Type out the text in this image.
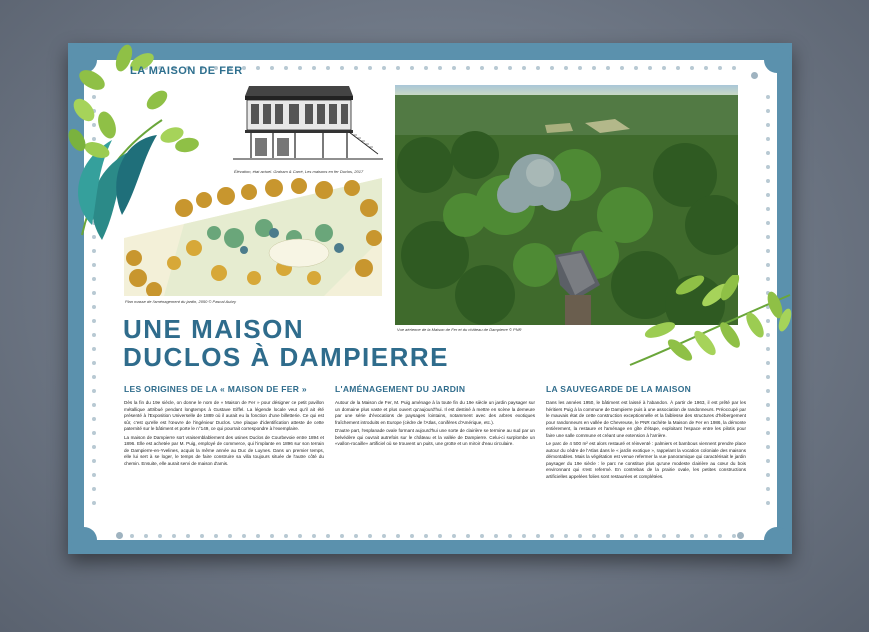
LA MAISON DE FER
Élévation, état actuel. Graham & Carré, Les maisons en fer Duclos, 2017
Plan masse de l'aménagement du jardin, 2050 © Pascal Aubry
Vue aérienne de la Maison de Fer et du château de Dampierre © PNR
UNE MAISON
DUCLOS À DAMPIERRE
LES ORIGINES DE LA « MAISON DE FER »

Dès la fin du 19e siècle, on donne le nom de « Maison de Fer » pour désigner ce petit pavillon métallique attribué pendant longtemps à Gustave Eiffel. La légende locale veut qu'il ait été présenté à l'Exposition Universelle de 1889 où il aurait eu la fonction d'une billetterie. Ce qui est sûr, c'est qu'elle est l'œuvre de l'ingénieur Duclos. Une plaque d'identification atteste de cette paternité sur le bâtiment et porte le n°149, ce qui pourrait correspondre à l'exemplaire.

La maison de Dampierre sort vraisemblablement des usines Duclos de Courbevoie entre 1894 et 1896. Elle est achetée par M. Puig, employé de commerce, qui l'implante en 1896 sur son terrain de Dampierre-en-Yvelines, acquis la même année au Duc de Luynes. Dans un premier temps, elle lui sert à se loger, le temps de faire construire sa villa toujours située de l'autre côté du chemin. Ensuite, elle aurait servi de maison d'amis.

L'AMÉNAGEMENT DU JARDIN

Autour de la Maison de Fer, M. Puig aménage à la toute fin du 19e siècle un jardin paysager sur un domaine plus vaste et plus ouvert qu'aujourd'hui. Il est destiné à mettre en scène la demeure par une série d'évocations de paysages lointains, notamment avec des arbres exotiques fraîchement introduits en Europe (cèdre de l'Atlas, conifères d'Amérique, etc.).

D'autre part, l'esplanade ovale formant aujourd'hui une sorte de clairière se termine au sud par un belvédère qui ouvrait autrefois sur le château et la vallée de Dampierre. Celui-ci surplombe un «vallon-rocaille» artificiel où se trouvent un puits, une grotte et un miroir d'eau circulaire.

LA SAUVEGARDE DE LA MAISON

Dans les années 1950, le bâtiment est laissé à l'abandon. À partir de 1963, il est prêté par les héritiers Puig à la commune de Dampierre puis à une association de randonneurs. Préoccupé par le mauvais état de cette construction exceptionnelle et la faiblesse des structures d'hébergement pour randonneurs en vallée de Chevreuse, le PNR rachète la Maison de Fer en 1986, la démonte entièrement, la restaure et l'aménage en gîte d'étape, exploitant l'espace entre les pilotis pour faire une salle commune et créant une extension à l'arrière.

Le parc de 4 500 m² est alors restauré et réinventé : palmiers et bambous viennent prendre place autour du cèdre de l'Atlas dans le « jardin exotique », rappelant la vocation coloniale des maisons démontables. Mais la végétation est venue refermer la vue panoramique qui caractérisait le jardin paysager du 19e siècle : le parc ne constitue plus qu'une modeste clairière au cœur du bois environnant qui s'est refermé. En contrebas de la prairie ovale, les petites constructions artificielles appelées folies sont restaurées et complétées.
